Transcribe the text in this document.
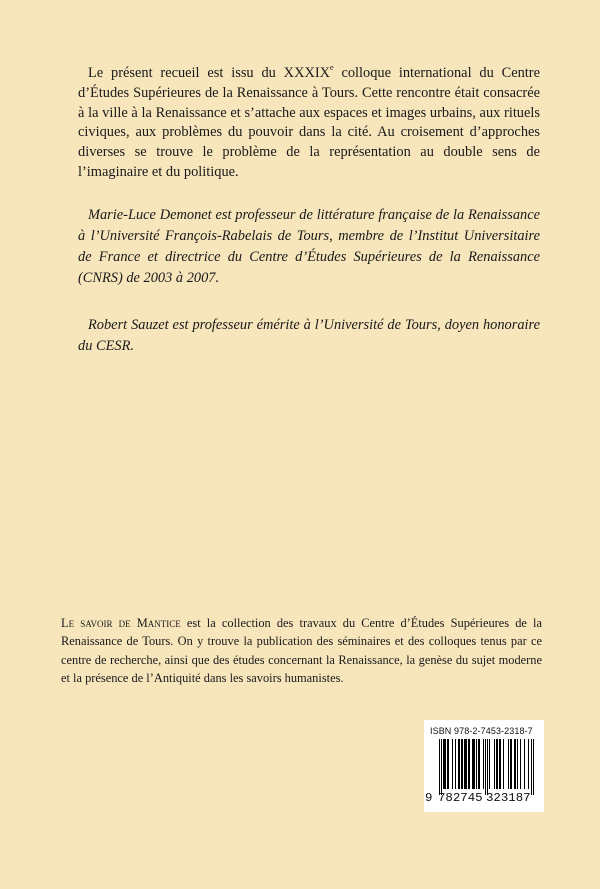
Le présent recueil est issu du XXXIXe colloque international du Centre d’Études Supérieures de la Renaissance à Tours. Cette rencontre était consacrée à la ville à la Renaissance et s’attache aux espaces et images urbains, aux rituels civiques, aux problèmes du pouvoir dans la cité. Au croisement d’approches diverses se trouve le problème de la représentation au double sens de l’imaginaire et du politique.
Marie-Luce Demonet est professeur de littérature française de la Renaissance à l’Université François-Rabelais de Tours, membre de l’Institut Universitaire de France et directrice du Centre d’Études Supérieures de la Renaissance (CNRS) de 2003 à 2007.
Robert Sauzet est professeur émérite à l’Université de Tours, doyen honoraire du CESR.
Le savoir de Mantice est la collection des travaux du Centre d’Études Supérieures de la Renaissance de Tours. On y trouve la publication des séminaires et des colloques tenus par ce centre de recherche, ainsi que des études concernant la Renaissance, la genèse du sujet moderne et la présence de l’Antiquité dans les savoirs humanistes.
ISBN 978-2-7453-2318-7
9 782745 323187
